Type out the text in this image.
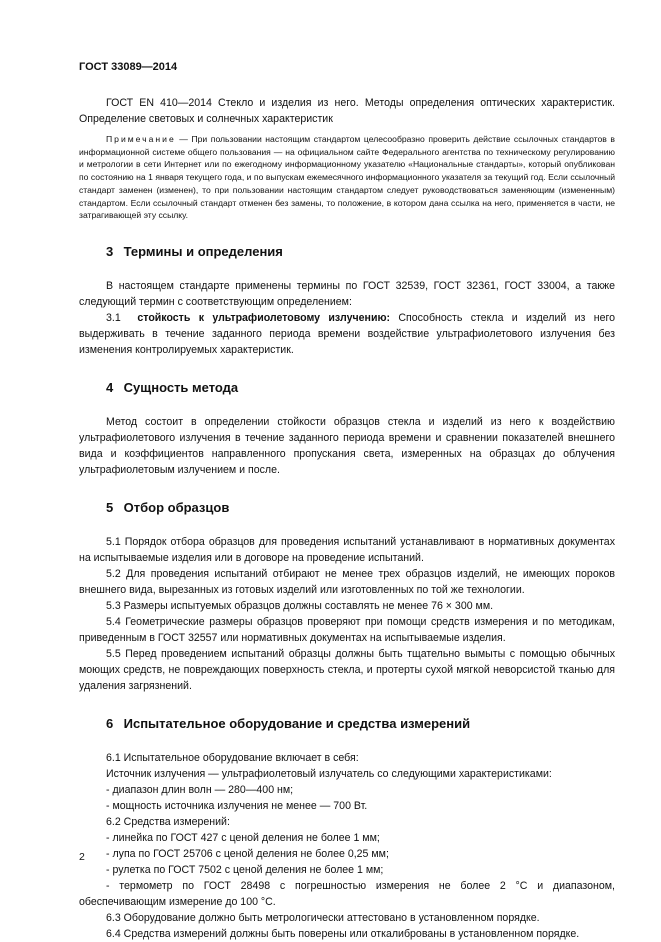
ГОСТ 33089—2014

ГОСТ EN 410—2014 Стекло и изделия из него. Методы определения оптических характеристик. Определение световых и солнечных характеристик

Примечание — При пользовании настоящим стандартом целесообразно проверить действие ссылочных стандартов в информационной системе общего пользования — на официальном сайте Федерального агентства по техническому регулированию и метрологии в сети Интернет или по ежегодному информационному указателю «Национальные стандарты», который опубликован по состоянию на 1 января текущего года, и по выпускам ежемесячного информационного указателя за текущий год. Если ссылочный стандарт заменен (изменен), то при пользовании настоящим стандартом следует руководствоваться заменяющим (измененным) стандартом. Если ссылочный стандарт отменен без замены, то положение, в котором дана ссылка на него, применяется в части, не затрагивающей эту ссылку.

3 Термины и определения

В настоящем стандарте применены термины по ГОСТ 32539, ГОСТ 32361, ГОСТ 33004, а также следующий термин с соответствующим определением:

3.1 стойкость к ультрафиолетовому излучению: Способность стекла и изделий из него выдерживать в течение заданного периода времени воздействие ультрафиолетового излучения без изменения контролируемых характеристик.

4 Сущность метода

Метод состоит в определении стойкости образцов стекла и изделий из него к воздействию ультрафиолетового излучения в течение заданного периода времени и сравнении показателей внешнего вида и коэффициентов направленного пропускания света, измеренных на образцах до облучения ультрафиолетовым излучением и после.

5 Отбор образцов

5.1 Порядок отбора образцов для проведения испытаний устанавливают в нормативных документах на испытываемые изделия или в договоре на проведение испытаний.

5.2 Для проведения испытаний отбирают не менее трех образцов изделий, не имеющих пороков внешнего вида, вырезанных из готовых изделий или изготовленных по той же технологии.

5.3 Размеры испытуемых образцов должны составлять не менее 76 × 300 мм.

5.4 Геометрические размеры образцов проверяют при помощи средств измерения и по методикам, приведенным в ГОСТ 32557 или нормативных документах на испытываемые изделия.

5.5 Перед проведением испытаний образцы должны быть тщательно вымыты с помощью обычных моющих средств, не повреждающих поверхность стекла, и протерты сухой мягкой неворсистой тканью для удаления загрязнений.

6 Испытательное оборудование и средства измерений

6.1 Испытательное оборудование включает в себя:

Источник излучения — ультрафиолетовый излучатель со следующими характеристиками:
- диапазон длин волн — 280—400 нм;
- мощность источника излучения не менее — 700 Вт.

6.2 Средства измерений:

- линейка по ГОСТ 427 с ценой деления не более 1 мм;
- лупа по ГОСТ 25706 с ценой деления не более 0,25 мм;
- рулетка по ГОСТ 7502 с ценой деления не более 1 мм;

- термометр по ГОСТ 28498 с погрешностью измерения не более 2 °C и диапазоном, обеспечивающим измерение до 100 °C.

6.3 Оборудование должно быть метрологически аттестовано в установленном порядке.

6.4 Средства измерений должны быть поверены или откалиброваны в установленном порядке.

2
